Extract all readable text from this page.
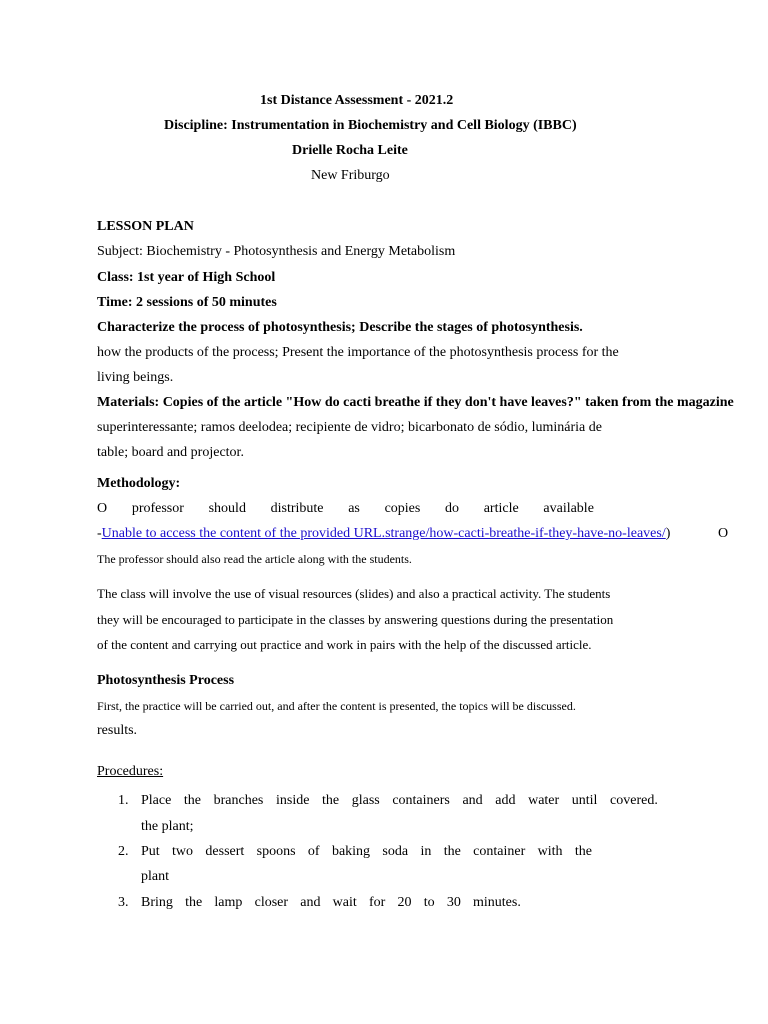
1st Distance Assessment - 2021.2
Discipline: Instrumentation in Biochemistry and Cell Biology (IBBC)
Drielle Rocha Leite
New Friburgo
LESSON PLAN
Subject: Biochemistry - Photosynthesis and Energy Metabolism
Class: 1st year of High School
Time: 2 sessions of 50 minutes
Characterize the process of photosynthesis; Describe the stages of photosynthesis.
how the products of the process; Present the importance of the photosynthesis process for the
living beings.
Materials: Copies of the article "How do cacti breathe if they don't have leaves?" taken from the magazine
superinteressante; ramos deelodea; recipiente de vidro; bicarbonato de sódio, luminária de
table; board and projector.
Methodology:
O professor should distribute as copies do article available
-Unable to access the content of the provided URL.strange/how-cacti-breathe-if-they-have-no-leaves/)	O
The professor should also read the article along with the students.
The class will involve the use of visual resources (slides) and also a practical activity. The students
they will be encouraged to participate in the classes by answering questions during the presentation
of the content and carrying out practice and work in pairs with the help of the discussed article.
Photosynthesis Process
First, the practice will be carried out, and after the content is presented, the topics will be discussed.
results.
Procedures:
1. Place the branches inside the glass containers and add water until covered.
the plant;
2. Put two dessert spoons of baking soda in the container with the
plant
3. Bring the lamp closer and wait for 20 to 30 minutes.
